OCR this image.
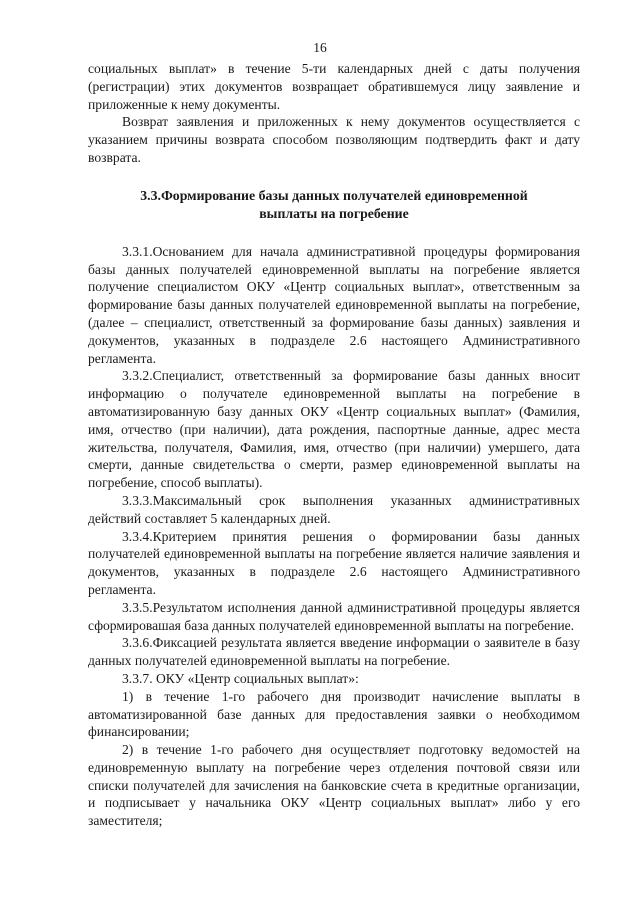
16

социальных выплат» в течение 5-ти календарных дней с даты получения (регистрации) этих документов возвращает обратившемуся лицу заявление и приложенные к нему документы.

Возврат заявления и приложенных к нему документов осуществляется с указанием причины возврата способом позволяющим подтвердить факт и дату возврата.

3.3.Формирование базы данных получателей единовременной выплаты на погребение

3.3.1.Основанием для начала административной процедуры формирования базы данных получателей единовременной выплаты на погребение является получение специалистом ОКУ «Центр социальных выплат», ответственным за формирование базы данных получателей единовременной выплаты на погребение, (далее – специалист, ответственный за формирование базы данных) заявления и документов, указанных в подразделе 2.6 настоящего Административного регламента.

3.3.2.Специалист, ответственный за формирование базы данных вносит информацию о получателе единовременной выплаты на погребение в автоматизированную базу данных ОКУ «Центр социальных выплат» (Фамилия, имя, отчество (при наличии), дата рождения, паспортные данные, адрес места жительства, получателя, Фамилия, имя, отчество (при наличии) умершего, дата смерти, данные свидетельства о смерти, размер единовременной выплаты на погребение, способ выплаты).

3.3.3.Максимальный срок выполнения указанных административных действий составляет 5 календарных дней.

3.3.4.Критерием принятия решения о формировании базы данных получателей единовременной выплаты на погребение является наличие заявления и документов, указанных в подразделе 2.6 настоящего Административного регламента.

3.3.5.Результатом исполнения данной административной процедуры является сформировашая база данных получателей единовременной выплаты на погребение.

3.3.6.Фиксацией результата является введение информации о заявителе в базу данных получателей единовременной выплаты на погребение.

3.3.7. ОКУ «Центр социальных выплат»:

1) в течение 1-го рабочего дня производит начисление выплаты в автоматизированной базе данных для предоставления заявки о необходимом финансировании;

2) в течение 1-го рабочего дня осуществляет подготовку ведомостей на единовременную выплату на погребение через отделения почтовой связи или списки получателей для зачисления на банковские счета в кредитные организации, и подписывает у начальника ОКУ «Центр социальных выплат» либо у его заместителя;
